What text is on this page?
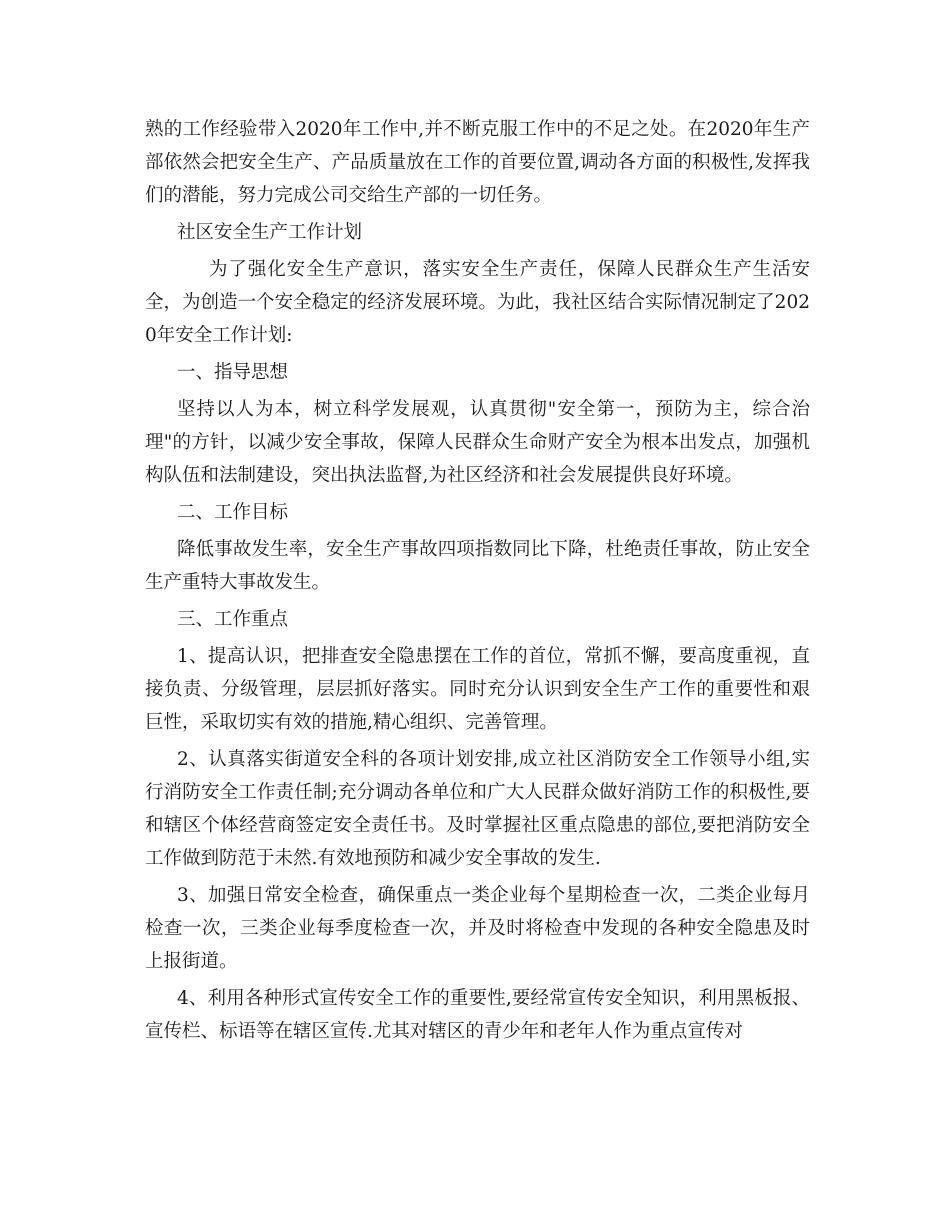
熟的工作经验带入2020年工作中,并不断克服工作中的不足之处。在2020年生产部依然会把安全生产、产品质量放在工作的首要位置,调动各方面的积极性,发挥我们的潜能，努力完成公司交给生产部的一切任务。

社区安全生产工作计划

为了强化安全生产意识，落实安全生产责任，保障人民群众生产生活安全，为创造一个安全稳定的经济发展环境。为此，我社区结合实际情况制定了2020年安全工作计划:

一、指导思想

坚持以人为本，树立科学发展观，认真贯彻"安全第一，预防为主，综合治理"的方针，以减少安全事故，保障人民群众生命财产安全为根本出发点，加强机构队伍和法制建设，突出执法监督,为社区经济和社会发展提供良好环境。

二、工作目标

降低事故发生率，安全生产事故四项指数同比下降，杜绝责任事故，防止安全生产重特大事故发生。

三、工作重点

1、提高认识，把排查安全隐患摆在工作的首位，常抓不懈，要高度重视，直接负责、分级管理，层层抓好落实。同时充分认识到安全生产工作的重要性和艰巨性，采取切实有效的措施,精心组织、完善管理。

2、认真落实街道安全科的各项计划安排,成立社区消防安全工作领导小组,实行消防安全工作责任制;充分调动各单位和广大人民群众做好消防工作的积极性,要和辖区个体经营商签定安全责任书。及时掌握社区重点隐患的部位,要把消防安全工作做到防范于未然.有效地预防和减少安全事故的发生.

3、加强日常安全检查，确保重点一类企业每个星期检查一次，二类企业每月检查一次，三类企业每季度检查一次，并及时将检查中发现的各种安全隐患及时上报街道。

4、利用各种形式宣传安全工作的重要性,要经常宣传安全知识，利用黑板报、宣传栏、标语等在辖区宣传.尤其对辖区的青少年和老年人作为重点宣传对
